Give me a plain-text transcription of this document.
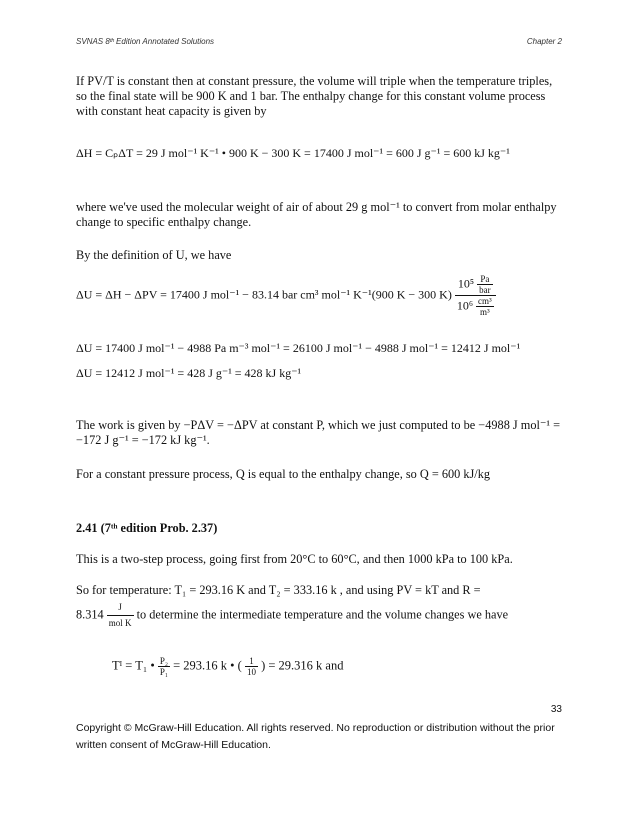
SVNAS 8ᵗʰ Edition Annotated Solutions	Chapter 2
If PV/T is constant then at constant pressure, the volume will triple when the temperature triples, so the final state will be 900 K and 1 bar. The enthalpy change for this constant volume process with constant heat capacity is given by
ΔH = CₚΔT = 29 J mol⁻¹ K⁻¹ • 900 K − 300 K = 17400 J mol⁻¹ = 600 J g⁻¹ = 600 kJ kg⁻¹
where we've used the molecular weight of air of about 29 g mol⁻¹ to convert from molar enthalpy change to specific enthalpy change.
By the definition of U, we have
ΔU = ΔH − ΔPV = 17400 J mol⁻¹ − 83.14 bar cm³ mol⁻¹ K⁻¹(900 K − 300 $K) \frac{10^5 \frac{Pa}{\text{bar}}}{10^6 \frac{\text{cm³}}{\text{m³}}}$
ΔU = 17400 J mol⁻¹ − 4988 Pa m⁻³ mol⁻¹ = 26100 J mol⁻¹ − 4988 J mol⁻¹ = 12412 J mol⁻¹
ΔU = 12412 J mol⁻¹ = 428 J g⁻¹ = 428 kJ kg⁻¹
The work is given by −PΔV = −ΔPV at constant P, which we just computed to be −4988 J mol⁻¹ = −172 J g⁻¹ = −172 kJ kg⁻¹.
For a constant pressure process, Q is equal to the enthalpy change, so Q = 600 kJ/kg
2.41 (7ᵗʰ edition Prob. 2.37)
This is a two-step process, going first from 20°C to 60°C, and then 1000 kPa to 100 kPa.
So for temperature: T₁ = 293.16 K and T₂ = 333.16 k , and using PV = kT and R =
$8.314 \frac{J}{\text{mol K}}$ to determine the intermediate temperature and the volume changes we have
Tᴵ = T₁ • $\frac{\text{P₂}}{\text{P₁}} = 293.16$ k • ( $\frac{1}{10}$ ) = 29.316 k and
33
Copyright © McGraw-Hill Education. All rights reserved. No reproduction or distribution without the prior written consent of McGraw-Hill Education.
